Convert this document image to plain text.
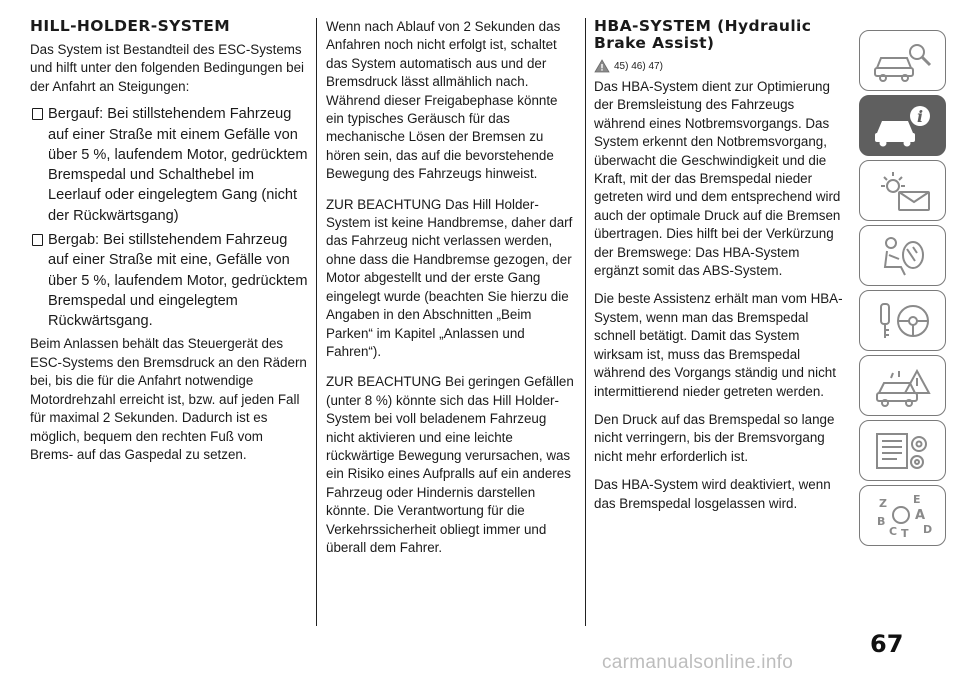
HILL-HOLDER-SYSTEM

Das System ist Bestandteil des ESC-Systems und hilft unter den folgenden Bedingungen bei der Anfahrt an Steigungen:

Bergauf: Bei stillstehendem Fahrzeug auf einer Straße mit einem Gefälle von über 5 %, laufendem Motor, gedrücktem Bremspedal und Schalthebel im Leerlauf oder eingelegtem Gang (nicht der Rückwärtsgang)
Bergab: Bei stillstehendem Fahrzeug auf einer Straße mit eine, Gefälle von über 5 %, laufendem Motor, gedrücktem Bremspedal und eingelegtem Rückwärtsgang.

Beim Anlassen behält das Steuergerät des ESC-Systems den Bremsdruck an den Rädern bei, bis die für die Anfahrt notwendige Motordrehzahl erreicht ist, bzw. auf jeden Fall für maximal 2 Sekunden. Dadurch ist es möglich, bequem den rechten Fuß vom Brems- auf das Gaspedal zu setzen.

Wenn nach Ablauf von 2 Sekunden das Anfahren noch nicht erfolgt ist, schaltet das System automatisch aus und der Bremsdruck lässt allmählich nach. Während dieser Freigabephase könnte ein typisches Geräusch für das mechanische Lösen der Bremsen zu hören sein, das auf die bevorstehende Bewegung des Fahrzeugs hinweist.

ZUR BEACHTUNG Das Hill Holder-System ist keine Handbremse, daher darf das Fahrzeug nicht verlassen werden, ohne dass die Handbremse gezogen, der Motor abgestellt und der erste Gang eingelegt wurde (beachten Sie hierzu die Angaben in den Abschnitten „Beim Parken“ im Kapitel „Anlassen und Fahren“).

ZUR BEACHTUNG Bei geringen Gefällen (unter 8 %) könnte sich das Hill Holder-System bei voll beladenem Fahrzeug nicht aktivieren und eine leichte rückwärtige Bewegung verursachen, was ein Risiko eines Aufpralls auf ein anderes Fahrzeug oder Hindernis darstellen könnte. Die Verantwortung für die Verkehrssicherheit obliegt immer und überall dem Fahrer.

HBA-SYSTEM (Hydraulic Brake Assist)
45) 46) 47)

Das HBA-System dient zur Optimierung der Bremsleistung des Fahrzeugs während eines Notbremsvorgangs. Das System erkennt den Notbremsvorgang, überwacht die Geschwindigkeit und die Kraft, mit der das Bremspedal nieder getreten wird und dem entsprechend wird auch der optimale Druck auf die Bremsen übertragen. Dies hilft bei der Verkürzung der Bremswege: Das HBA-System ergänzt somit das ABS-System.

Die beste Assistenz erhält man vom HBA-System, wenn man das Bremspedal schnell betätigt. Damit das System wirksam ist, muss das Bremspedal während des Vorgangs ständig und nicht intermittierend nieder getreten werden.

Den Druck auf das Bremspedal so lange nicht verringern, bis der Bremsvorgang nicht mehr erforderlich ist.

Das HBA-System wird deaktiviert, wenn das Bremspedal losgelassen wird.

i
Z E
A
B
C T D
67
carmanualsonline.info
